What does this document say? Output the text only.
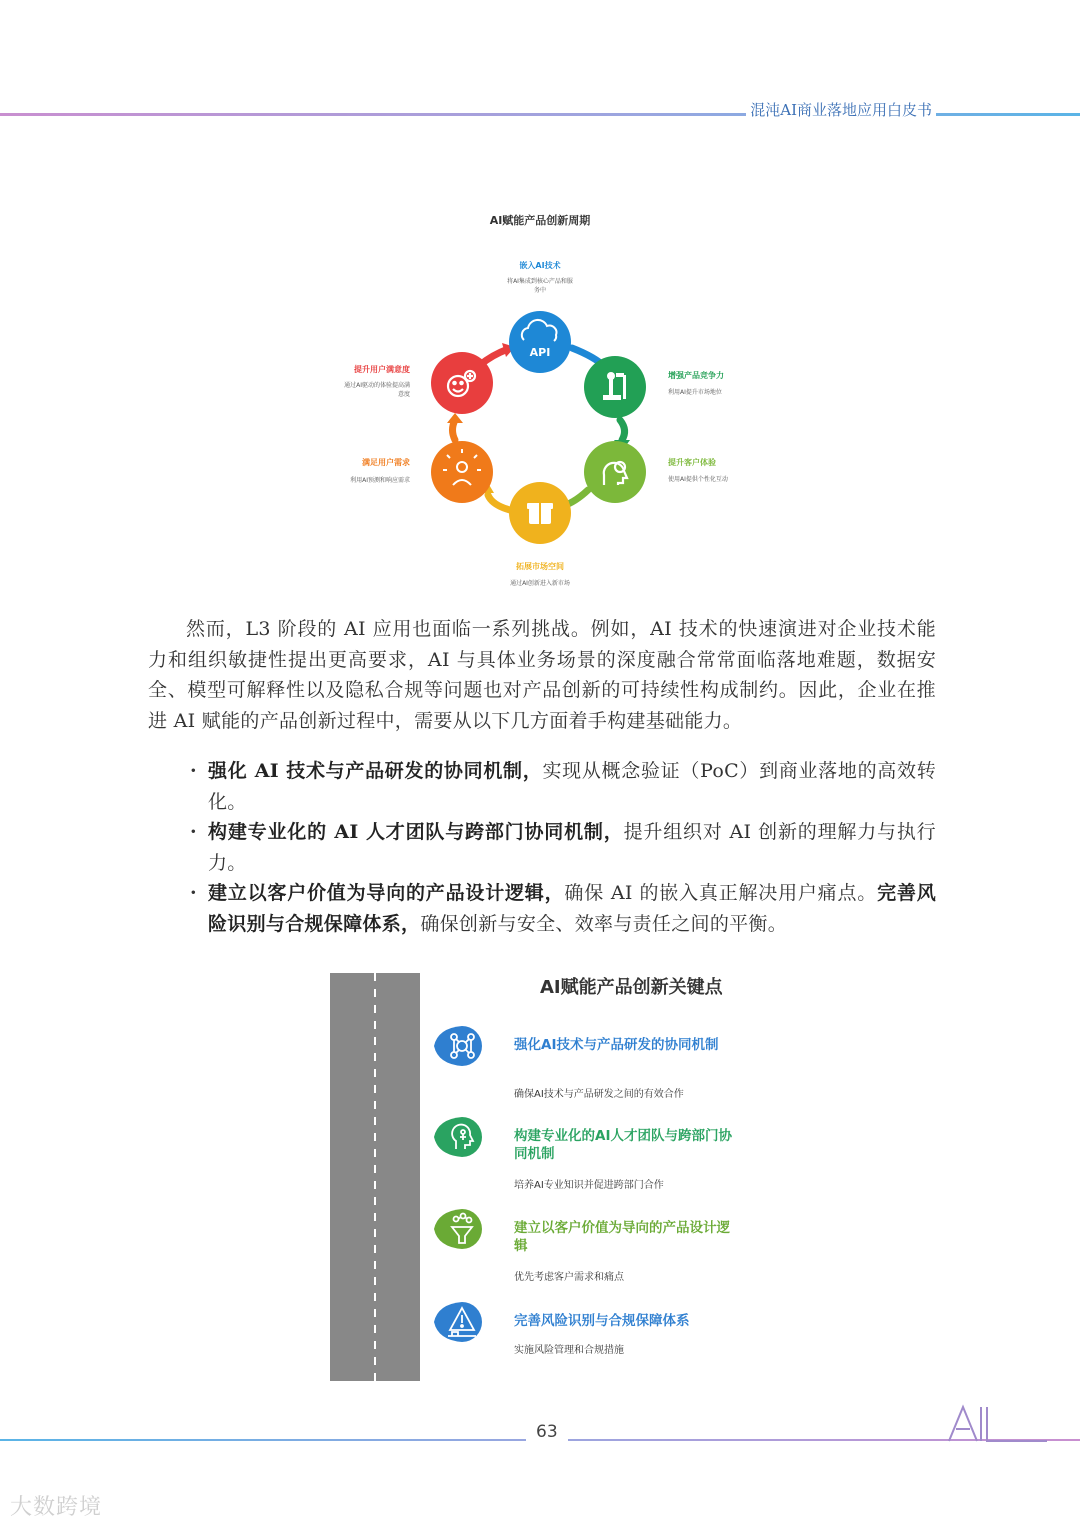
混沌AI商业落地应用白皮书
AI赋能产品创新周期
API
嵌入AI技术
将AI集成到核心产品和服
务中
增强产品竞争力
利用AI提升市场地位
提升客户体验
使用AI提供个性化互动
拓展市场空间
通过AI创新进入新市场
满足用户需求
利用AI预测和响应需求
提升用户满意度
通过AI驱动的体验提高满
意度

然而，L3 阶段的 AI 应用也面临一系列挑战。例如，AI 技术的快速演进对企业技术能力和组织敏捷性提出更高要求，AI 与具体业务场景的深度融合常常面临落地难题，数据安全、模型可解释性以及隐私合规等问题也对产品创新的可持续性构成制约。因此，企业在推进 AI 赋能的产品创新过程中，需要从以下几方面着手构建基础能力。

· 强化 AI 技术与产品研发的协同机制，实现从概念验证（PoC）到商业落地的高效转化。
· 构建专业化的 AI 人才团队与跨部门协同机制，提升组织对 AI 创新的理解力与执行力。
· 建立以客户价值为导向的产品设计逻辑，确保 AI 的嵌入真正解决用户痛点。完善风险识别与合规保障体系，确保创新与安全、效率与责任之间的平衡。
AI赋能产品创新关键点
强化AI技术与产品研发的协同机制
确保AI技术与产品研发之间的有效合作
构建专业化的AI人才团队与跨部门协同机制
培养AI专业知识并促进跨部门合作
建立以客户价值为导向的产品设计逻辑
优先考虑客户需求和痛点
完善风险识别与合规保障体系
实施风险管理和合规措施
63
大数跨境
